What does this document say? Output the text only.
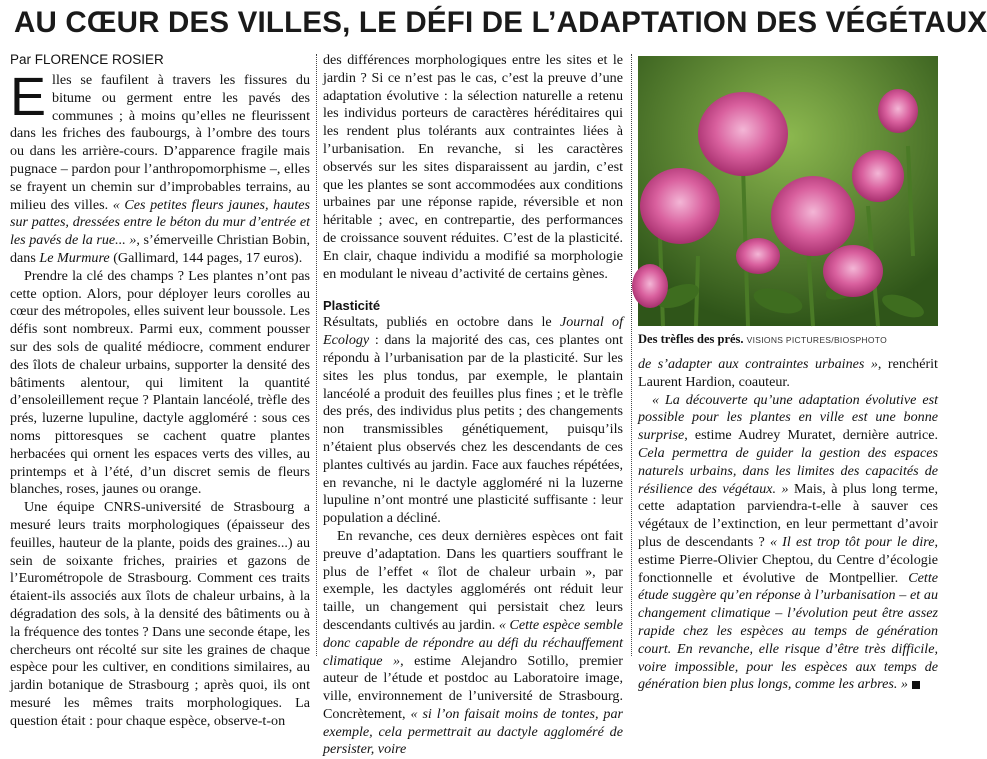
AU CŒUR DES VILLES, LE DÉFI DE L’ADAPTATION DES VÉGÉTAUX
Par FLORENCE ROSIER

Elles se faufilent à travers les fissures du bitume ou germent entre les pavés des communes ; à moins qu’elles ne fleurissent dans les friches des faubourgs, à l’ombre des tours ou dans les arrière-cours. D’apparence fragile mais pugnace – pardon pour l’anthropomorphisme –, elles se frayent un chemin sur d’improbables terrains, au milieu des villes. « Ces petites fleurs jaunes, hautes sur pattes, dressées entre le béton du mur d’entrée et les pavés de la rue... », s’émerveille Christian Bobin, dans Le Murmure (Gallimard, 144 pages, 17 euros).

Prendre la clé des champs ? Les plantes n’ont pas cette option. Alors, pour déployer leurs corolles au cœur des métropoles, elles suivent leur boussole. Les défis sont nombreux. Parmi eux, comment pousser sur des sols de qualité médiocre, comment endurer des îlots de chaleur urbains, supporter la densité des bâtiments alentour, qui limitent la quantité d’ensoleillement reçue ? Plantain lancéolé, trèfle des prés, luzerne lupuline, dactyle aggloméré : sous ces noms pittoresques se cachent quatre plantes herbacées qui ornent les espaces verts des villes, au printemps et à l’été, d’un discret semis de fleurs blanches, roses, jaunes ou orange.

Une équipe CNRS-université de Strasbourg a mesuré leurs traits morphologiques (épaisseur des feuilles, hauteur de la plante, poids des graines...) au sein de soixante friches, prairies et gazons de l’Eurométropole de Strasbourg. Comment ces traits étaient-ils associés aux îlots de chaleur urbains, à la dégradation des sols, à la densité des bâtiments ou à la fréquence des tontes ? Dans une seconde étape, les chercheurs ont récolté sur site les graines de chaque espèce pour les cultiver, en conditions similaires, au jardin botanique de Strasbourg ; après quoi, ils ont mesuré les mêmes traits morphologiques. La question était : pour chaque espèce, observe-t-on

des différences morphologiques entre les sites et le jardin ? Si ce n’est pas le cas, c’est la preuve d’une adaptation évolutive : la sélection naturelle a retenu les individus porteurs de caractères héréditaires qui les rendent plus tolérants aux contraintes liées à l’urbanisation. En revanche, si les caractères observés sur les sites disparaissent au jardin, c’est que les plantes se sont accommodées aux conditions urbaines par une réponse rapide, réversible et non héritable ; avec, en contrepartie, des performances de croissance souvent réduites. C’est de la plasticité. En clair, chaque individu a modifié sa morphologie en modulant le niveau d’activité de certains gènes.

Plasticité

Résultats, publiés en octobre dans le Journal of Ecology : dans la majorité des cas, ces plantes ont répondu à l’urbanisation par de la plasticité. Sur les sites les plus tondus, par exemple, le plantain lancéolé a produit des feuilles plus fines ; et le trèfle des prés, des individus plus petits ; des changements non transmissibles génétiquement, puisqu’ils n’étaient plus observés chez les descendants de ces plantes cultivés au jardin. Face aux fauches répétées, en revanche, ni le dactyle aggloméré ni la luzerne lupuline n’ont montré une plasticité suffisante : leur population a décliné.

En revanche, ces deux dernières espèces ont fait preuve d’adaptation. Dans les quartiers souffrant le plus de l’effet « îlot de chaleur urbain », par exemple, les dactyles agglomérés ont réduit leur taille, un changement qui persistait chez leurs descendants cultivés au jardin. « Cette espèce semble donc capable de répondre au défi du réchauffement climatique », estime Alejandro Sotillo, premier auteur de l’étude et postdoc au Laboratoire image, ville, environnement de l’université de Strasbourg. Concrètement, « si l’on faisait moins de tontes, par exemple, cela permettrait au dactyle aggloméré de persister, voire

Des trèfles des prés. VISIONS PICTURES/BIOSPHOTO

de s’adapter aux contraintes urbaines », renchérit Laurent Hardion, coauteur.

« La découverte qu’une adaptation évolutive est possible pour les plantes en ville est une bonne surprise, estime Audrey Muratet, dernière autrice. Cela permettra de guider la gestion des espaces naturels urbains, dans les limites des capacités de résilience des végétaux. » Mais, à plus long terme, cette adaptation parviendra-t-elle à sauver ces végétaux de l’extinction, en leur permettant d’avoir plus de descendants ? « Il est trop tôt pour le dire, estime Pierre-Olivier Cheptou, du Centre d’écologie fonctionnelle et évolutive de Montpellier. Cette étude suggère qu’en réponse à l’urbanisation – et au changement climatique – l’évolution peut être assez rapide chez les espèces au temps de génération court. En revanche, elle risque d’être très difficile, voire impossible, pour les espèces aux temps de génération bien plus longs, comme les arbres. »
